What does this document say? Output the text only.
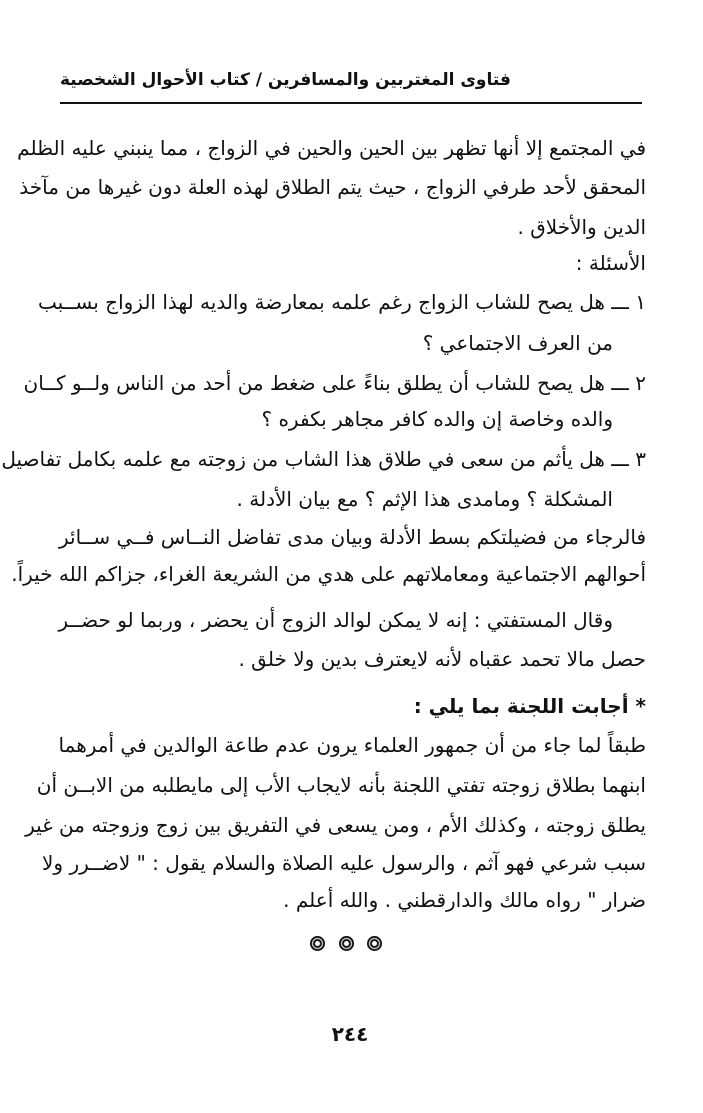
فتاوى المغتربين والمسافرين / كتاب الأحوال الشخصية
في المجتمع إلا أنها تظهر بين الحين والحين في الزواج ، مما ينبني عليه الظلم
المحقق لأحد طرفي الزواج ، حيث يتم الطلاق لهذه العلة دون غيرها من مآخذ
الدين والأخلاق .
الأسئلة :
١ ـــ هل يصح للشاب الزواج رغم علمه بمعارضة والديه لهذا الزواج بســبب
من العرف الاجتماعي ؟
٢ ـــ هل يصح للشاب أن يطلق بناءً على ضغط من أحد من الناس ولــو كــان
والده وخاصة إن والده كافر مجاهر بكفره ؟
٣ ـــ هل يأثم من سعى في طلاق هذا الشاب من زوجته مع علمه بكامل تفاصيل
المشكلة ؟ ومامدى هذا الإثم ؟ مع بيان الأدلة .
فالرجاء من فضيلتكم بسط الأدلة وبيان مدى تفاضل النــاس فــي ســائر
أحوالهم الاجتماعية ومعاملاتهم على هدي من الشريعة الغراء، جزاكم الله خيراً.
وقال المستفتي : إنه لا يمكن لوالد الزوج أن يحضر ، وربما لو حضــر
حصل مالا تحمد عقباه لأنه لايعترف بدين ولا خلق .
* أجابت اللجنة بما يلي :
طبقاً لما جاء من أن جمهور العلماء يرون عدم طاعة الوالدين في أمرهما
ابنهما بطلاق زوجته تفتي اللجنة بأنه لايجاب الأب إلى مايطلبه من الابــن أن
يطلق زوجته ، وكذلك الأم ، ومن يسعى في التفريق بين زوج وزوجته من غير
سبب شرعي فهو آثم ، والرسول عليه الصلاة والسلام يقول : " لاضــرر ولا
ضرار " رواه مالك والدارقطني . والله أعلم .
٢٤٤
